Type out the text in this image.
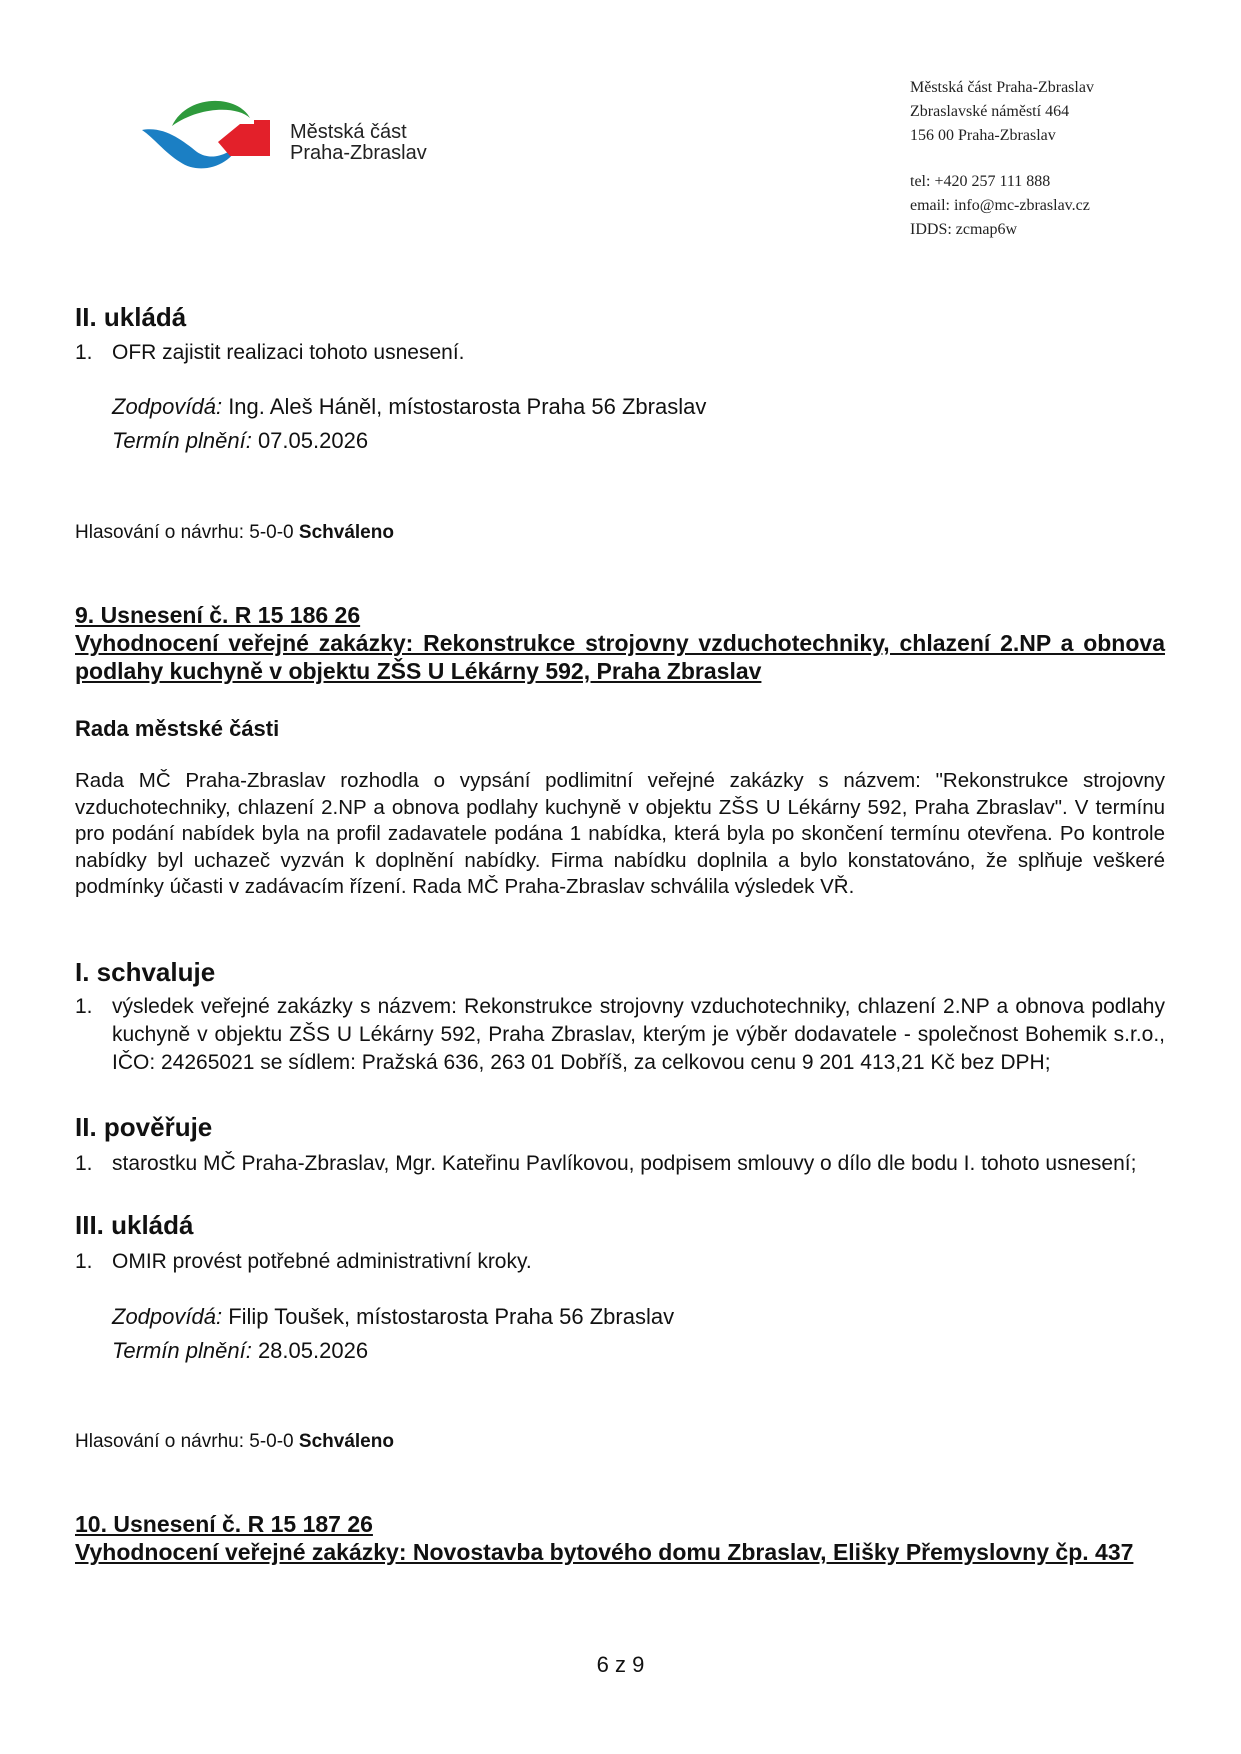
Městská část
Praha-Zbraslav
Městská část Praha-Zbraslav
Zbraslavské náměstí 464
156 00 Praha-Zbraslav
tel: +420 257 111 888
email: info@mc-zbraslav.cz
IDDS: zcmap6w
II. ukládá
1. OFR zajistit realizaci tohoto usnesení.
Zodpovídá: Ing. Aleš Háněl, místostarosta Praha 56 Zbraslav
Termín plnění: 07.05.2026
Hlasování o návrhu: 5-0-0 Schváleno
9. Usnesení č. R 15 186 26
Vyhodnocení veřejné zakázky: Rekonstrukce strojovny vzduchotechniky, chlazení 2.NP a obnova podlahy kuchyně v objektu ZŠS U Lékárny 592, Praha Zbraslav
Rada městské části
Rada MČ Praha-Zbraslav rozhodla o vypsání podlimitní veřejné zakázky s názvem: "Rekonstrukce strojovny vzduchotechniky, chlazení 2.NP a obnova podlahy kuchyně v objektu ZŠS U Lékárny 592, Praha Zbraslav". V termínu pro podání nabídek byla na profil zadavatele podána 1 nabídka, která byla po skončení termínu otevřena. Po kontrole nabídky byl uchazeč vyzván k doplnění nabídky. Firma nabídku doplnila a bylo konstatováno, že splňuje veškeré podmínky účasti v zadávacím řízení. Rada MČ Praha-Zbraslav schválila výsledek VŘ.
I. schvaluje
1. výsledek veřejné zakázky s názvem: Rekonstrukce strojovny vzduchotechniky, chlazení 2.NP a obnova podlahy kuchyně v objektu ZŠS U Lékárny 592, Praha Zbraslav, kterým je výběr dodavatele - společnost Bohemik s.r.o., IČO: 24265021 se sídlem: Pražská 636, 263 01 Dobříš, za celkovou cenu 9 201 413,21 Kč bez DPH;
II. pověřuje
1. starostku MČ Praha-Zbraslav, Mgr. Kateřinu Pavlíkovou, podpisem smlouvy o dílo dle bodu I. tohoto usnesení;
III. ukládá
1. OMIR provést potřebné administrativní kroky.
Zodpovídá: Filip Toušek, místostarosta Praha 56 Zbraslav
Termín plnění: 28.05.2026
Hlasování o návrhu: 5-0-0 Schváleno
10. Usnesení č. R 15 187 26
Vyhodnocení veřejné zakázky: Novostavba bytového domu Zbraslav, Elišky Přemyslovny čp. 437
6 z 9
